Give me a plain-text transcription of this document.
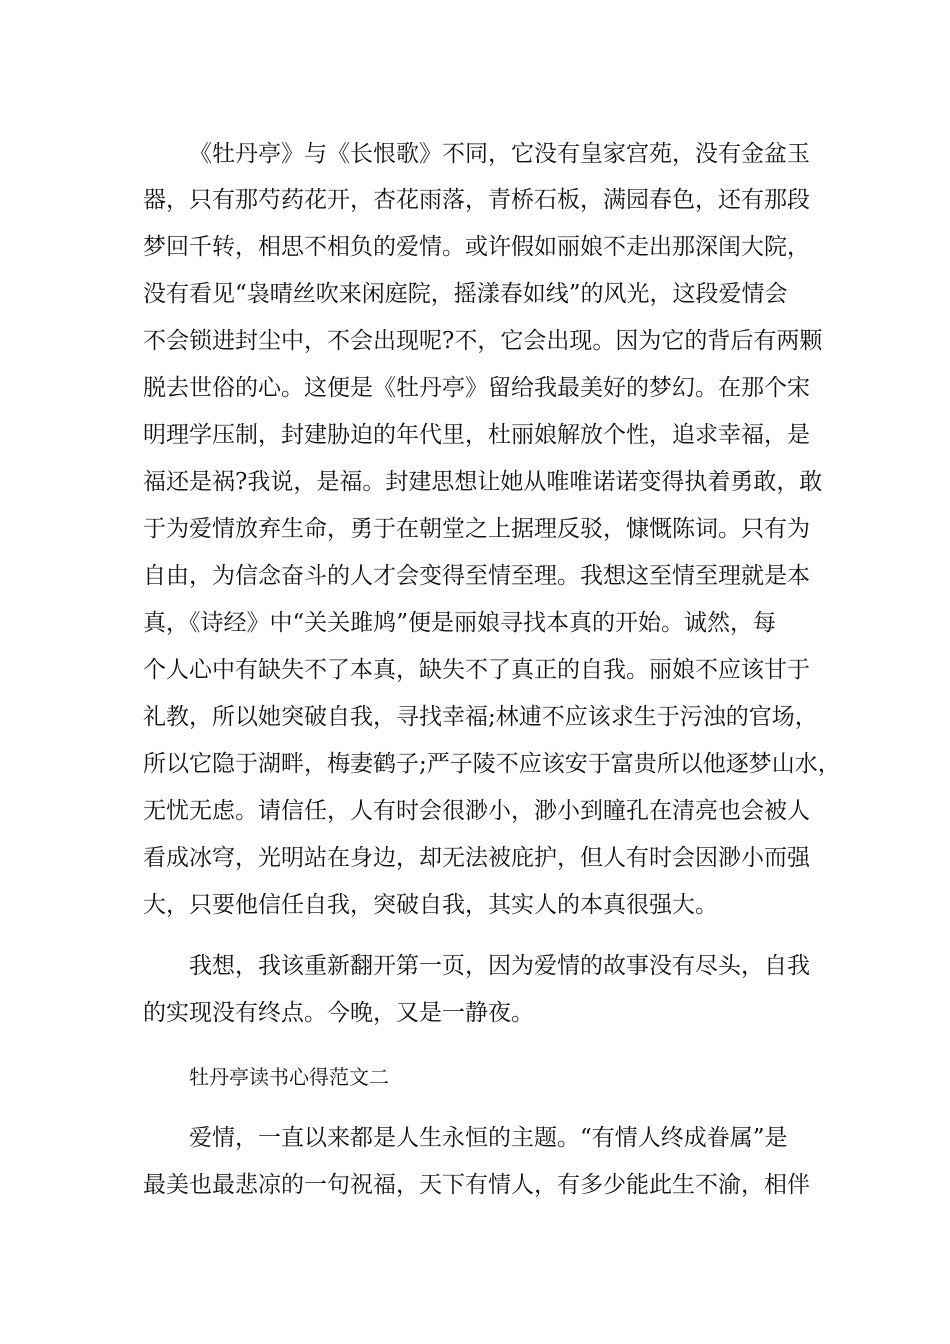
《牡丹亭》与《长恨歌》不同，它没有皇家宫苑，没有金盆玉
器，只有那芍药花开，杏花雨落，青桥石板，满园春色，还有那段
梦回千转，相思不相负的爱情。或许假如丽娘不走出那深闺大院，
没有看见“袅晴丝吹来闲庭院，摇漾春如线”的风光，这段爱情会
不会锁进封尘中，不会出现呢?不，它会出现。因为它的背后有两颗
脱去世俗的心。这便是《牡丹亭》留给我最美好的梦幻。在那个宋
明理学压制，封建胁迫的年代里，杜丽娘解放个性，追求幸福，是
福还是祸?我说，是福。封建思想让她从唯唯诺诺变得执着勇敢，敢
于为爱情放弃生命，勇于在朝堂之上据理反驳，慷慨陈词。只有为
自由，为信念奋斗的人才会变得至情至理。我想这至情至理就是本
真，《诗经》中“关关雎鸠”便是丽娘寻找本真的开始。诚然，每
个人心中有缺失不了本真，缺失不了真正的自我。丽娘不应该甘于
礼教，所以她突破自我，寻找幸福;林逋不应该求生于污浊的官场，
所以它隐于湖畔，梅妻鹤子;严子陵不应该安于富贵所以他逐梦山水，
无忧无虑。请信任，人有时会很渺小，渺小到瞳孔在清亮也会被人
看成冰穹，光明站在身边，却无法被庇护，但人有时会因渺小而强
大，只要他信任自我，突破自我，其实人的本真很强大。
我想，我该重新翻开第一页，因为爱情的故事没有尽头，自我
的实现没有终点。今晚，又是一静夜。
牡丹亭读书心得范文二
爱情，一直以来都是人生永恒的主题。“有情人终成眷属”是
最美也最悲凉的一句祝福，天下有情人，有多少能此生不渝，相伴
